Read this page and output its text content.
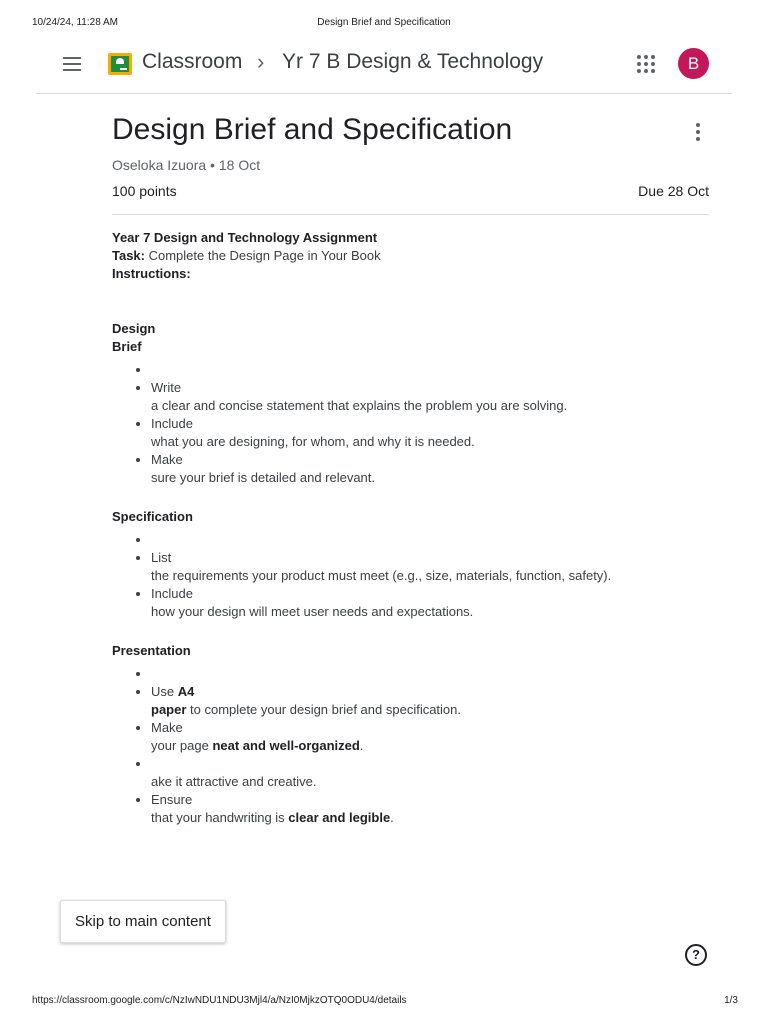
10/24/24, 11:28 AM	Design Brief and Specification
Classroom › Yr 7 B Design & Technology	B
Design Brief and Specification
Oseloka Izuora • 18 Oct
100 points	Due 28 Oct

Year 7 Design and Technology Assignment

Task: Complete the Design Page in Your Book

Instructions:

Design
Brief

•
• Write
a clear and concise statement that explains the problem you are solving.
• Include
what you are designing, for whom, and why it is needed.
• Make
sure your brief is detailed and relevant.

Specification

•
• List
the requirements your product must meet (e.g., size, materials, function, safety).
• Include
how your design will meet user needs and expectations.

Presentation

•
• Use A4
paper to complete your design brief and specification.
• Make
your page neat and well-organized.

• ake it attractive and creative.
• Ensure
that your handwriting is clear and legible.
Skip to main content
?
https://classroom.google.com/c/NzIwNDU1NDU3Mjl4/a/NzI0MjkzOTQ0ODU4/details	1/3
